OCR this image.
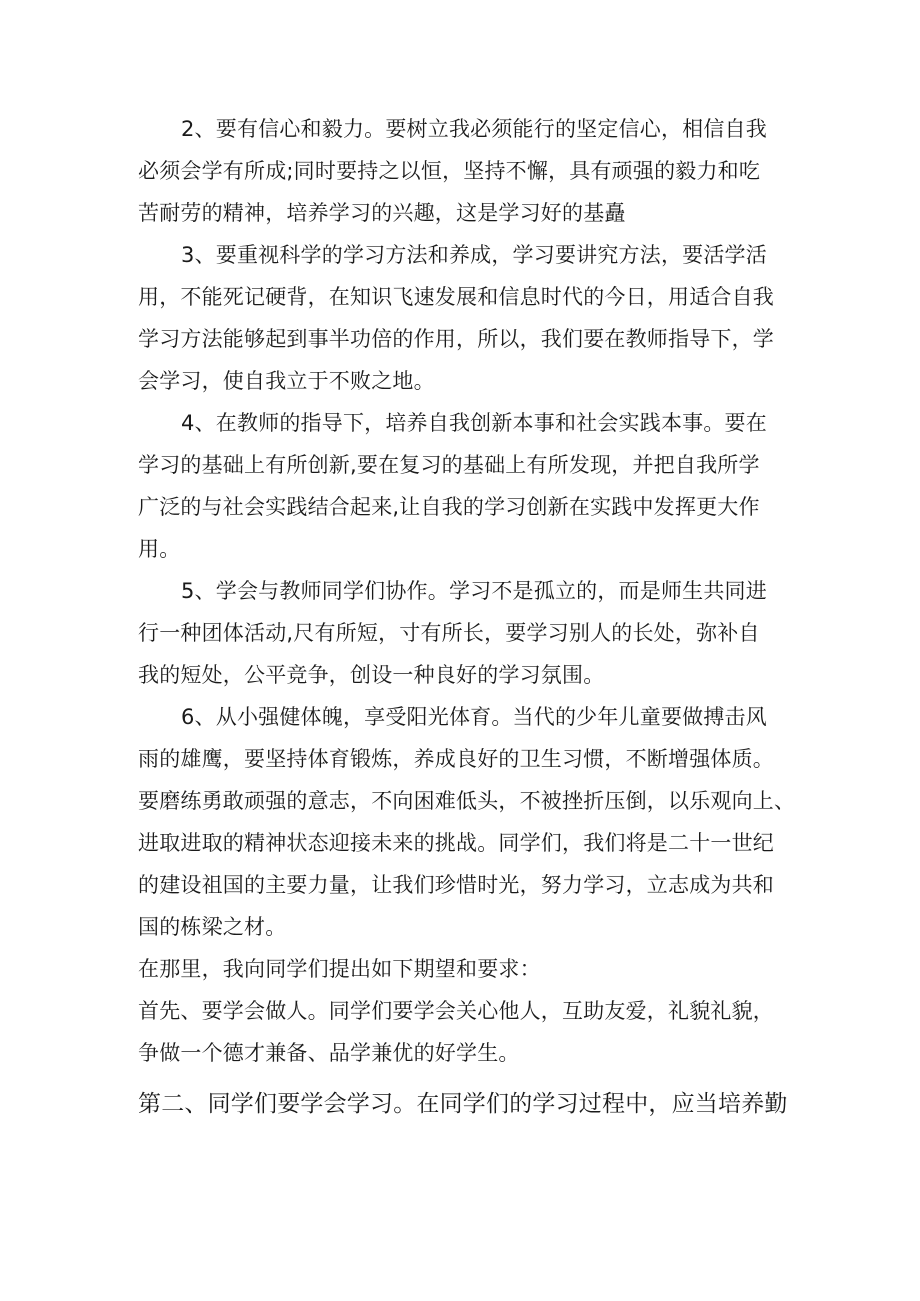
2、要有信心和毅力。要树立我必须能行的坚定信心，相信自我
必须会学有所成;同时要持之以恒，坚持不懈，具有顽强的毅力和吃
苦耐劳的精神，培养学习的兴趣，这是学习好的基矗
3、要重视科学的学习方法和养成，学习要讲究方法，要活学活
用，不能死记硬背，在知识飞速发展和信息时代的今日，用适合自我
学习方法能够起到事半功倍的作用，所以，我们要在教师指导下，学
会学习，使自我立于不败之地。
4、在教师的指导下，培养自我创新本事和社会实践本事。要在
学习的基础上有所创新,要在复习的基础上有所发现，并把自我所学
广泛的与社会实践结合起来,让自我的学习创新在实践中发挥更大作
用。
5、学会与教师同学们协作。学习不是孤立的，而是师生共同进
行一种团体活动,尺有所短，寸有所长，要学习别人的长处，弥补自
我的短处，公平竞争，创设一种良好的学习氛围。
6、从小强健体魄，享受阳光体育。当代的少年儿童要做搏击风
雨的雄鹰，要坚持体育锻炼，养成良好的卫生习惯，不断增强体质。
要磨练勇敢顽强的意志，不向困难低头，不被挫折压倒，以乐观向上、
进取进取的精神状态迎接未来的挑战。同学们，我们将是二十一世纪
的建设祖国的主要力量，让我们珍惜时光，努力学习，立志成为共和
国的栋梁之材。
在那里，我向同学们提出如下期望和要求：
首先、要学会做人。同学们要学会关心他人，互助友爱，礼貌礼貌，
争做一个德才兼备、品学兼优的好学生。
第二、同学们要学会学习。在同学们的学习过程中，应当培养勤
